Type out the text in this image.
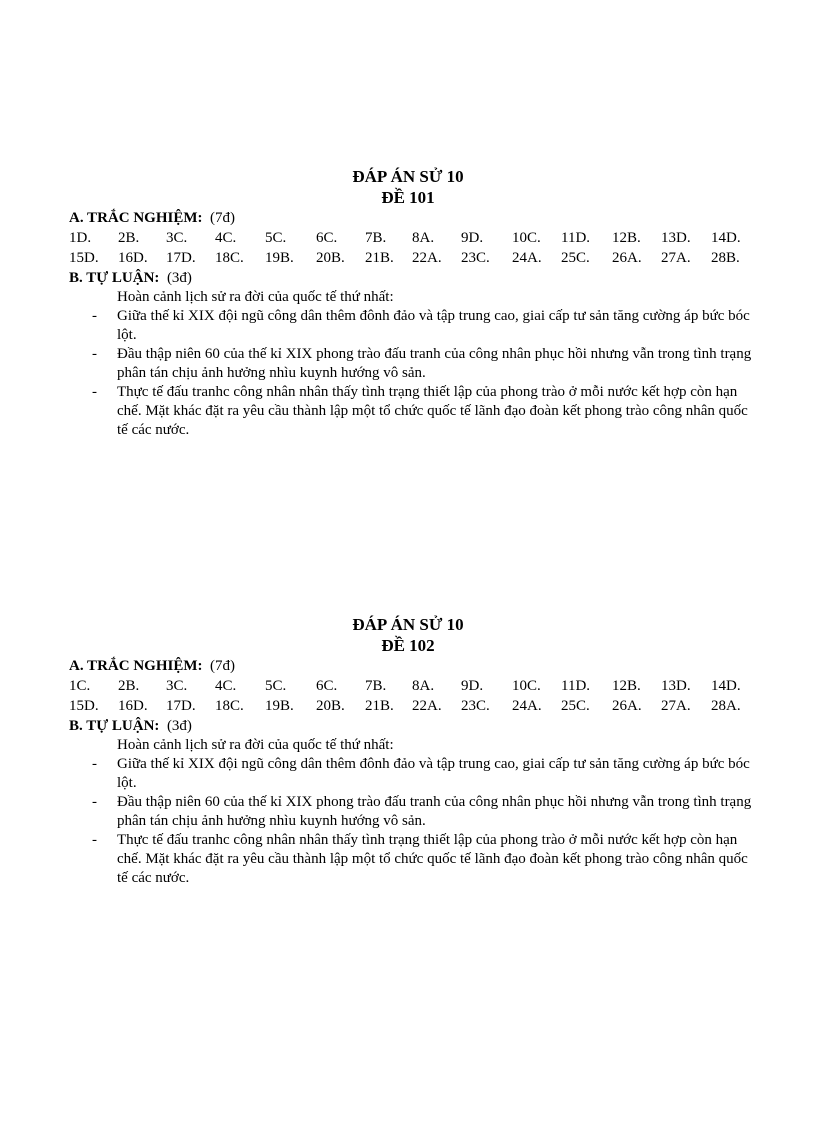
ĐÁP ÁN SỬ 10
ĐỀ 101
A. TRẮC NGHIỆM: (7đ)
1D.	2B.	3C.	4C.	5C.	6C.	7B.	8A.	9D.	10C.	11D.	12B.	13D.	14D.
15D.	16D.	17D.	18C.	19B.	20B.	21B.	22A.	23C.	24A.	25C.	26A.	27A.	28B.
B. TỰ LUẬN: (3đ)
Hoàn cảnh lịch sử ra đời của quốc tế thứ nhất:
- Giữa thế kỉ XIX đội ngũ công dân thêm đônh đảo và tập trung cao, giai cấp tư sản tăng cường áp bức bóc lột.
- Đầu thập niên 60 của thế kỉ XIX phong trào đấu tranh của công nhân phục hồi nhưng vẫn trong tình trạng phân tán chịu ảnh hưởng nhìu kuynh hướng vô sản.
- Thực tế đấu tranhc công nhân nhân thấy tình trạng thiết lập của phong trào ở mỗi nước kết hợp còn hạn chế. Mặt khác đặt ra yêu cầu thành lập một tổ chức quốc tế lãnh đạo đoàn kết phong trào công nhân quốc tế các nước.
ĐÁP ÁN SỬ 10
ĐỀ 102
A. TRẮC NGHIỆM: (7đ)
1C.	2B.	3C.	4C.	5C.	6C.	7B.	8A.	9D.	10C.	11D.	12B.	13D.	14D.
15D.	16D.	17D.	18C.	19B.	20B.	21B.	22A.	23C.	24A.	25C.	26A.	27A.	28A.
B. TỰ LUẬN: (3đ)
Hoàn cảnh lịch sử ra đời của quốc tế thứ nhất:
- Giữa thế kỉ XIX đội ngũ công dân thêm đônh đảo và tập trung cao, giai cấp tư sản tăng cường áp bức bóc lột.
- Đầu thập niên 60 của thế kỉ XIX phong trào đấu tranh của công nhân phục hồi nhưng vẫn trong tình trạng phân tán chịu ảnh hưởng nhìu kuynh hướng vô sản.
- Thực tế đấu tranhc công nhân nhân thấy tình trạng thiết lập của phong trào ở mỗi nước kết hợp còn hạn chế. Mặt khác đặt ra yêu cầu thành lập một tổ chức quốc tế lãnh đạo đoàn kết phong trào công nhân quốc tế các nước.
